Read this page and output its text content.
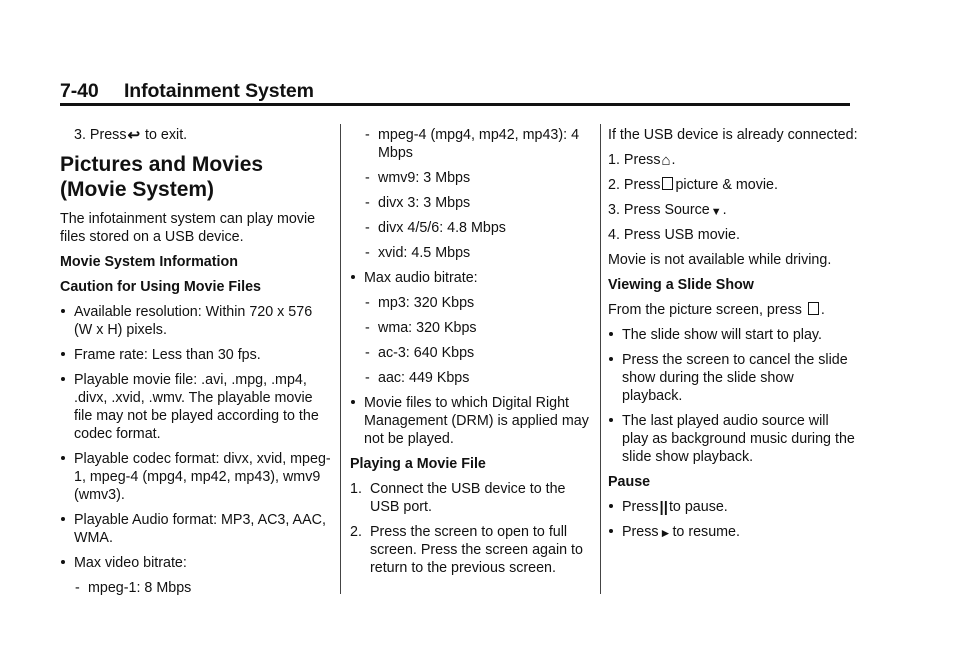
7-40 Infotainment System

3. Press↩ to exit.

Pictures and Movies (Movie System)

The infotainment system can play movie files stored on a USB device.

Movie System Information

Caution for Using Movie Files

Available resolution: Within 720 x 576 (W x H) pixels.

Frame rate: Less than 30 fps.

Playable movie file: .avi, .mpg, .mp4, .divx, .xvid, .wmv. The playable movie file may not be played according to the codec format.

Playable codec format: divx, xvid, mpeg-1, mpeg-4 (mpg4, mp42, mp43), wmv9 (wmv3).

Playable Audio format: MP3, AC3, AAC, WMA.

Max video bitrate:

- mpeg-1: 8 Mbps

- mpeg-4 (mpg4, mp42, mp43): 4 Mbps

- wmv9: 3 Mbps

- divx 3: 3 Mbps

- divx 4/5/6: 4.8 Mbps

- xvid: 4.5 Mbps

Max audio bitrate:

- mp3: 320 Kbps

- wma: 320 Kbps

- ac-3: 640 Kbps

- aac: 449 Kbps

Movie files to which Digital Right Management (DRM) is applied may not be played.

Playing a Movie File

1. Connect the USB device to the USB port.

2. Press the screen to open to full screen. Press the screen again to return to the previous screen.

If the USB device is already connected:

1. Press⌂.

2. Press picture & movie.

3. Press Source▼.

4. Press USB movie.

Movie is not available while driving.

Viewing a Slide Show

From the picture screen, press .

The slide show will start to play.

Press the screen to cancel the slide show during the slide show playback.

The last played audio source will play as background music during the slide show playback.

Pause

Press||to pause.

Press►to resume.
